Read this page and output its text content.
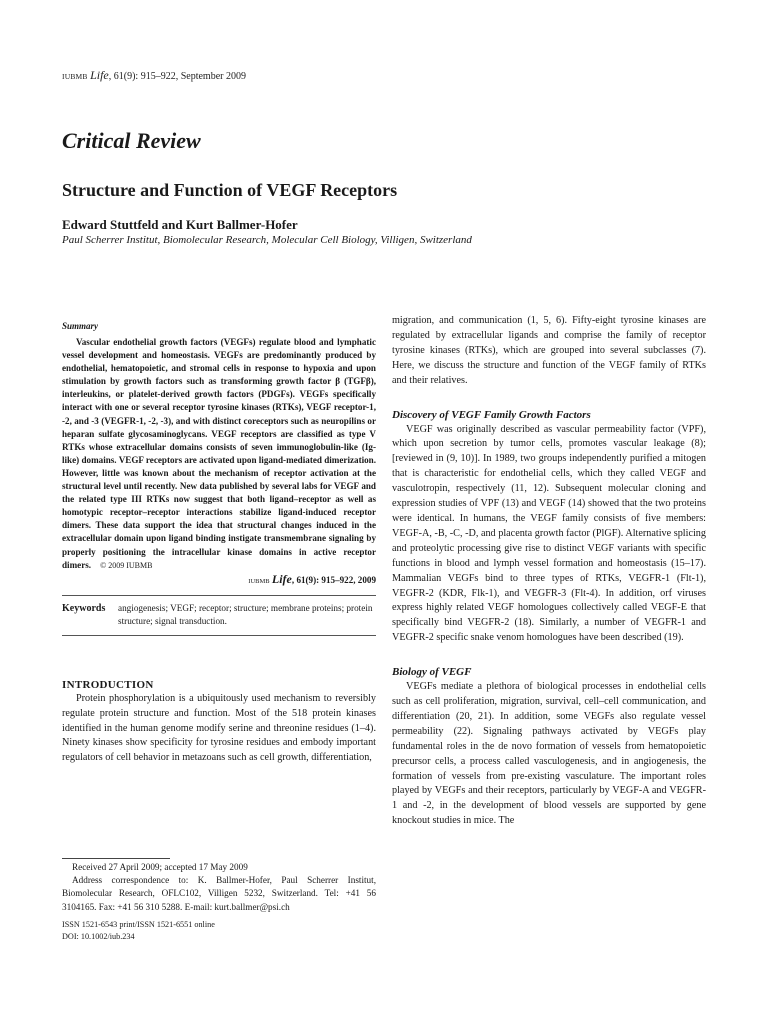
IUBMB Life, 61(9): 915–922, September 2009
Critical Review
Structure and Function of VEGF Receptors
Edward Stuttfeld and Kurt Ballmer-Hofer
Paul Scherrer Institut, Biomolecular Research, Molecular Cell Biology, Villigen, Switzerland
Summary

Vascular endothelial growth factors (VEGFs) regulate blood and lymphatic vessel development and homeostasis. VEGFs are predominantly produced by endothelial, hematopoietic, and stromal cells in response to hypoxia and upon stimulation by growth factors such as transforming growth factor β (TGFβ), interleukins, or platelet-derived growth factors (PDGFs). VEGFs specifically interact with one or several receptor tyrosine kinases (RTKs), VEGF receptor-1, -2, and -3 (VEGFR-1, -2, -3), and with distinct coreceptors such as neuropilins or heparan sulfate glycosaminoglycans. VEGF receptors are classified as type V RTKs whose extracellular domains consists of seven immunoglobulin-like (Ig-like) domains. VEGF receptors are activated upon ligand-mediated dimerization. However, little was known about the mechanism of receptor activation at the structural level until recently. New data published by several labs for VEGF and the related type III RTKs now suggest that both ligand–receptor as well as homotypic receptor–receptor interactions stabilize ligand-induced receptor dimers. These data support the idea that structural changes induced in the extracellular domain upon ligand binding instigate transmembrane signaling by properly positioning the intracellular kinase domains in active receptor dimers. © 2009 IUBMB

IUBMB Life, 61(9): 915–922, 2009
Keywords	angiogenesis; VEGF; receptor; structure; membrane proteins; protein structure; signal transduction.
INTRODUCTION

Protein phosphorylation is a ubiquitously used mechanism to reversibly regulate protein structure and function. Most of the 518 protein kinases identified in the human genome modify serine and threonine residues (1–4). Ninety kinases show specificity for tyrosine residues and embody important regulators of cell behavior in metazoans such as cell growth, differentiation,

Received 27 April 2009; accepted 17 May 2009

Address correspondence to: K. Ballmer-Hofer, Paul Scherrer Institut, Biomolecular Research, OFLC102, Villigen 5232, Switzerland. Tel: +41 56 3104165. Fax: +41 56 310 5288. E-mail: kurt.ballmer@psi.ch

ISSN 1521-6543 print/ISSN 1521-6551 online
DOI: 10.1002/iub.234

migration, and communication (1, 5, 6). Fifty-eight tyrosine kinases are regulated by extracellular ligands and comprise the family of receptor tyrosine kinases (RTKs), which are grouped into several subclasses (7). Here, we discuss the structure and function of the VEGF family of RTKs and their relatives.

Discovery of VEGF Family Growth Factors

VEGF was originally described as vascular permeability factor (VPF), which upon secretion by tumor cells, promotes vascular leakage (8); [reviewed in (9, 10)]. In 1989, two groups independently purified a mitogen that is characteristic for endothelial cells, which they called VEGF and vasculotropin, respectively (11, 12). Subsequent molecular cloning and expression studies of VPF (13) and VEGF (14) showed that the two proteins were identical. In humans, the VEGF family consists of five members: VEGF-A, -B, -C, -D, and placenta growth factor (PlGF). Alternative splicing and proteolytic processing give rise to distinct VEGF variants with specific functions in blood and lymph vessel formation and homeostasis (15–17). Mammalian VEGFs bind to three types of RTKs, VEGFR-1 (Flt-1), VEGFR-2 (KDR, Flk-1), and VEGFR-3 (Flt-4). In addition, orf viruses express highly related VEGF homologues collectively called VEGF-E that specifically bind VEGFR-2 (18). Similarly, a number of VEGFR-1 and VEGFR-2 specific snake venom homologues have been described (19).

Biology of VEGF

VEGFs mediate a plethora of biological processes in endothelial cells such as cell proliferation, migration, survival, cell–cell communication, and differentiation (20, 21). In addition, some VEGFs also regulate vessel permeability (22). Signaling pathways activated by VEGFs play fundamental roles in the de novo formation of vessels from hematopoietic precursor cells, a process called vasculogenesis, and in angiogenesis, the formation of vessels from pre-existing vasculature. The important roles played by VEGFs and their receptors, particularly by VEGF-A and VEGFR-1 and -2, in the development of blood vessels are supported by gene knockout studies in mice. The
